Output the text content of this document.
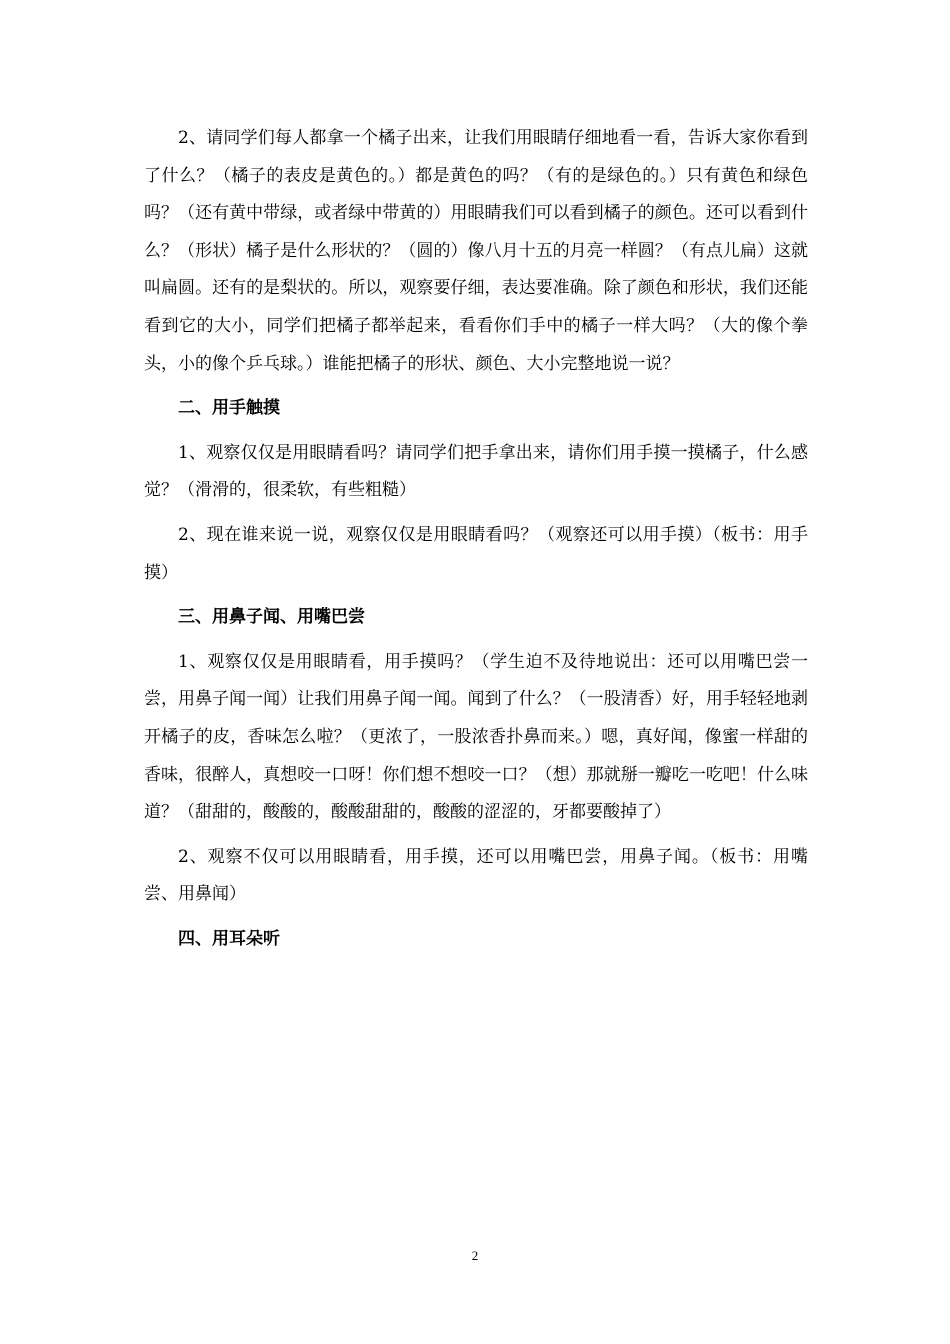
2、请同学们每人都拿一个橘子出来，让我们用眼睛仔细地看一看，告诉大家你看到了什么？（橘子的表皮是黄色的。）都是黄色的吗？（有的是绿色的。）只有黄色和绿色吗？（还有黄中带绿，或者绿中带黄的）用眼睛我们可以看到橘子的颜色。还可以看到什么？（形状）橘子是什么形状的？（圆的）像八月十五的月亮一样圆？（有点儿扁）这就叫扁圆。还有的是梨状的。所以，观察要仔细，表达要准确。除了颜色和形状，我们还能看到它的大小，同学们把橘子都举起来，看看你们手中的橘子一样大吗？（大的像个拳头，小的像个乒乓球。）谁能把橘子的形状、颜色、大小完整地说一说？

二、用手触摸

1、观察仅仅是用眼睛看吗？请同学们把手拿出来，请你们用手摸一摸橘子，什么感觉？（滑滑的，很柔软，有些粗糙）

2、现在谁来说一说，观察仅仅是用眼睛看吗？（观察还可以用手摸）（板书：用手摸）

三、用鼻子闻、用嘴巴尝

1、观察仅仅是用眼睛看，用手摸吗？（学生迫不及待地说出：还可以用嘴巴尝一尝，用鼻子闻一闻）让我们用鼻子闻一闻。闻到了什么？（一股清香）好，用手轻轻地剥开橘子的皮，香味怎么啦？（更浓了，一股浓香扑鼻而来。）嗯，真好闻，像蜜一样甜的香味，很醉人，真想咬一口呀！你们想不想咬一口？（想）那就掰一瓣吃一吃吧！什么味道？（甜甜的，酸酸的，酸酸甜甜的，酸酸的涩涩的，牙都要酸掉了）

2、观察不仅可以用眼睛看，用手摸，还可以用嘴巴尝，用鼻子闻。（板书：用嘴尝、用鼻闻）

四、用耳朵听

2
